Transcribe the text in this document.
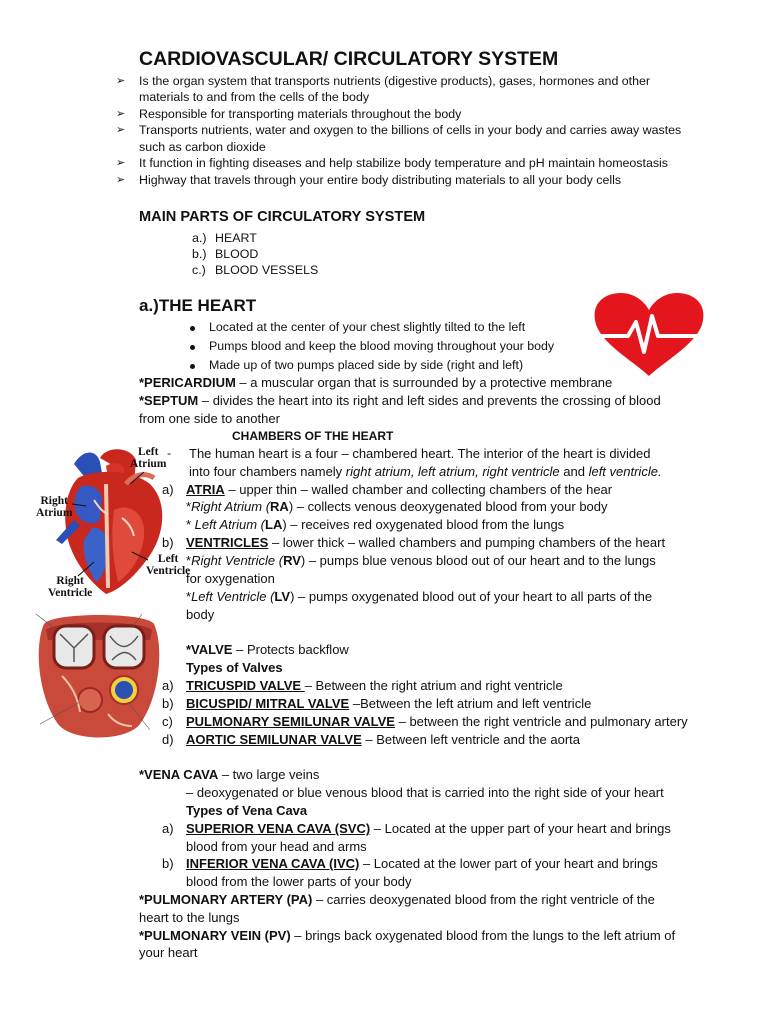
CARDIOVASCULAR/ CIRCULATORY SYSTEM
➢ Is the organ system that transports nutrients (digestive products), gases, hormones and other
materials to and from the cells of the body
➢ Responsible for transporting materials throughout the body
➢ Transports nutrients, water and oxygen to the billions of cells in your body and carries away wastes
such as carbon dioxide
➢ It function in fighting diseases and help stabilize body temperature and pH maintain homeostasis
➢ Highway that travels through your entire body distributing materials to all your body cells
MAIN PARTS OF CIRCULATORY SYSTEM
a.) HEART
b.) BLOOD
c.) BLOOD VESSELS
a.)THE HEART
Located at the center of your chest slightly tilted to the left
Pumps blood and keep the blood moving throughout your body
Made up of two pumps placed side by side (right and left)
*PERICARDIUM – a muscular organ that is surrounded by a protective membrane
*SEPTUM – divides the heart into its right and left sides and prevents the crossing of blood
from one side to another
CHAMBERS OF THE HEART
Left
Atrium
Right
Atrium
Left
Ventricle
Right
Ventricle
- The human heart is a four – chambered heart. The interior of the heart is divided
into four chambers namely right atrium, left atrium, right ventricle and left ventricle.
a) ATRIA – upper thin – walled chamber and collecting chambers of the hear
*Right Atrium (RA) – collects venous deoxygenated blood from your body
* Left Atrium (LA) – receives red oxygenated blood from the lungs
b) VENTRICLES – lower thick – walled chambers and pumping chambers of the heart
*Right Ventricle (RV) – pumps blue venous blood out of our heart and to the lungs
for oxygenation
*Left Ventricle (LV) – pumps oxygenated blood out of your heart to all parts of the
body
*VALVE – Protects backflow
Types of Valves
a) TRICUSPID VALVE – Between the right atrium and right ventricle
b) BICUSPID/ MITRAL VALVE –Between the left atrium and left ventricle
c) PULMONARY SEMILUNAR VALVE – between the right ventricle and pulmonary artery
d) AORTIC SEMILUNAR VALVE – Between left ventricle and the aorta
*VENA CAVA – two large veins
– deoxygenated or blue venous blood that is carried into the right side of your heart
Types of Vena Cava
a) SUPERIOR VENA CAVA (SVC) – Located at the upper part of your heart and brings
blood from your head and arms
b) INFERIOR VENA CAVA (IVC) – Located at the lower part of your heart and brings
blood from the lower parts of your body
*PULMONARY ARTERY (PA) – carries deoxygenated blood from the right ventricle of the
heart to the lungs
*PULMONARY VEIN (PV) – brings back oxygenated blood from the lungs to the left atrium of
your heart
